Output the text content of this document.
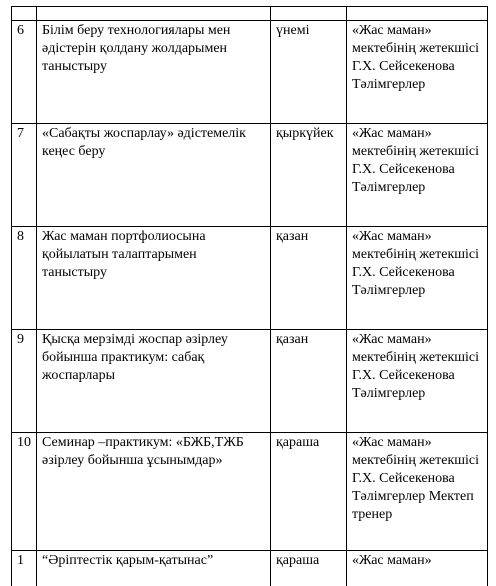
6	Білім беру технологиялары мен әдістерін қолдану жолдарымен таныстыру	үнемі	«Жас маман» мектебінің жетекшісі Г.Х. Сейсекенова Тәлімгерлер
7	«Сабақты жоспарлау» әдістемелік кеңес беру	қыркүйек	«Жас маман» мектебінің жетекшісі Г.Х. Сейсекенова Тәлімгерлер
8	Жас маман портфолиосына қойылатын талаптарымен таныстыру	қазан	«Жас маман» мектебінің жетекшісі Г.Х. Сейсекенова Тәлімгерлер
9	Қысқа мерзімді жоспар әзірлеу бойынша практикум: сабақ жоспарлары	қазан	«Жас маман» мектебінің жетекшісі Г.Х. Сейсекенова Тәлімгерлер
10	Семинар –практикум: «БЖБ,ТЖБ әзірлеу бойынша ұсынымдар»	қараша	«Жас маман» мектебінің жетекшісі Г.Х. Сейсекенова Тәлімгерлер Мектеп тренер
1	“Әріптестік қарым-қатынас”	қараша	«Жас маман»
